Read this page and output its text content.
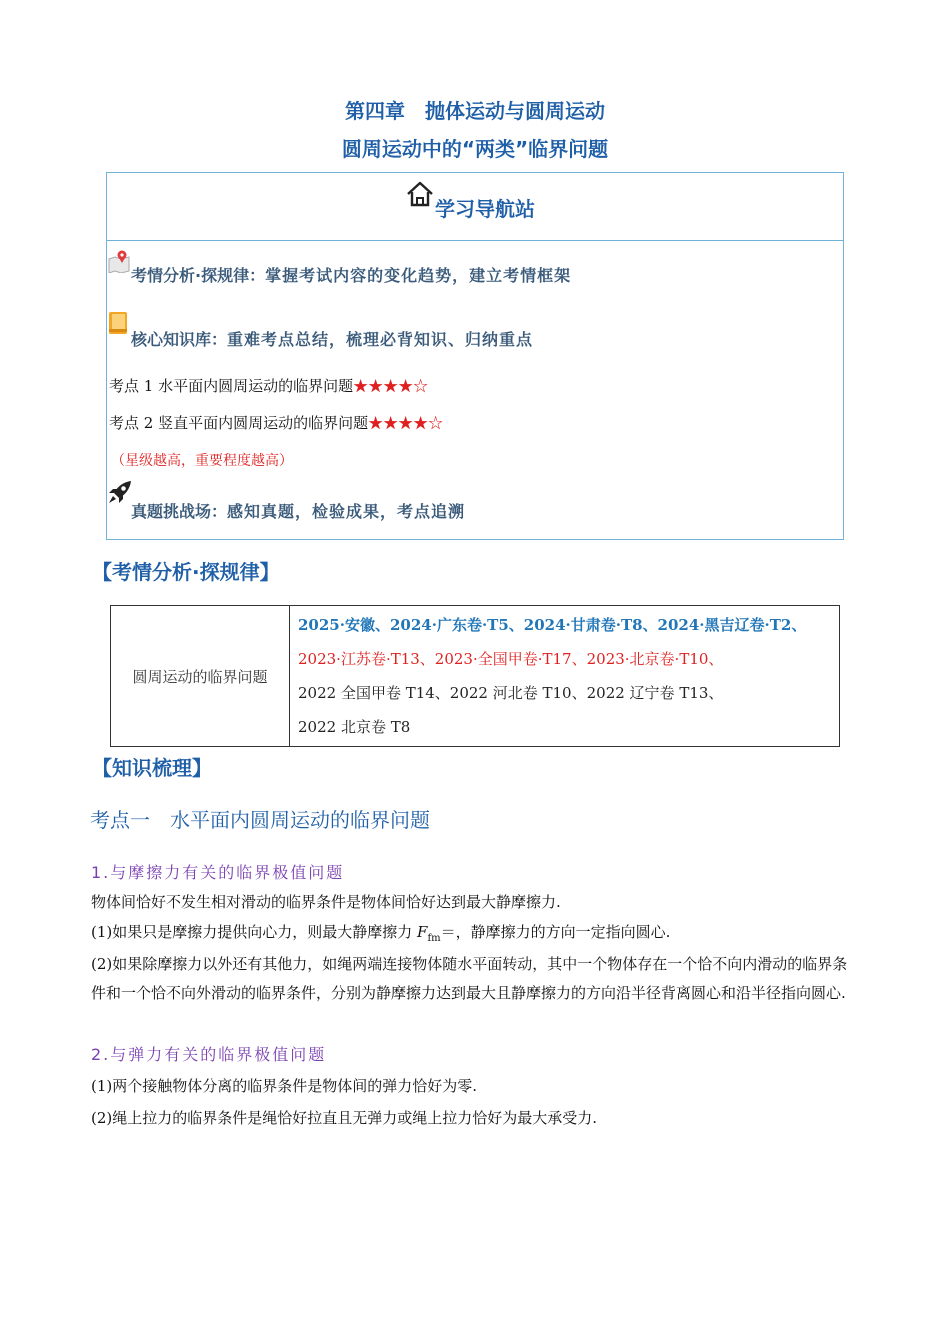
第四章　抛体运动与圆周运动
圆周运动中的“两类”临界问题
学习导航站
考情分析·探规律：掌握考试内容的变化趋势，建立考情框架
核心知识库：重难考点总结，梳理必背知识、归纳重点
考点 1 水平面内圆周运动的临界问题★★★★☆
考点 2 竖直平面内圆周运动的临界问题★★★★☆
（星级越高，重要程度越高）
真题挑战场：感知真题，检验成果，考点追溯
【考情分析·探规律】
圆周运动的临界问题	
2025·安徽、2024·广东卷·T5、2024·甘肃卷·T8、2024·黑吉辽卷·T2、
2023·江苏卷·T13、2023·全国甲卷·T17、2023·北京卷·T10、
2022 全国甲卷 T14、2022 河北卷 T10、2022 辽宁卷 T13、
2022 北京卷 T8
【知识梳理】
考点一　水平面内圆周运动的临界问题
1.与摩擦力有关的临界极值问题
物体间恰好不发生相对滑动的临界条件是物体间恰好达到最大静摩擦力.
(1)如果只是摩擦力提供向心力，则最大静摩擦力 $F_{fm}=$，静摩擦力的方向一定指向圆心.
(2)如果除摩擦力以外还有其他力，如绳两端连接物体随水平面转动，其中一个物体存在一个恰不向内滑动的临界条件和一个恰不向外滑动的临界条件，分别为静摩擦力达到最大且静摩擦力的方向沿半径背离圆心和沿半径指向圆心.
2.与弹力有关的临界极值问题
(1)两个接触物体分离的临界条件是物体间的弹力恰好为零.
(2)绳上拉力的临界条件是绳恰好拉直且无弹力或绳上拉力恰好为最大承受力.
